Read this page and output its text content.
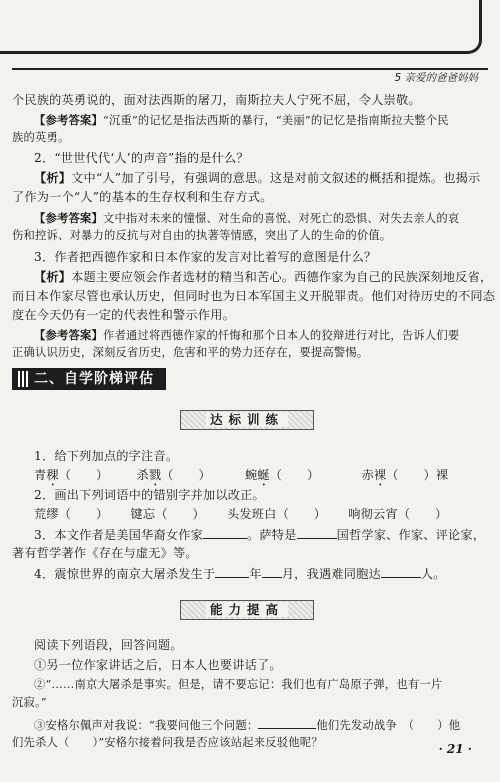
5 亲爱的爸爸妈妈
个民族的英勇说的，面对法西斯的屠刀，南斯拉夫人宁死不屈，令人崇敬。
【参考答案】“沉重”的记忆是指法西斯的暴行，“美丽”的记忆是指南斯拉夫整个民
族的英勇。
2．“世世代代‘人’的声音”指的是什么？
【析】文中“人”加了引号，有强调的意思。这是对前文叙述的概括和提炼。也揭示
了作为一个“人”的基本的生存权利和生存方式。
【参考答案】文中指对未来的憧憬、对生命的喜悦、对死亡的恐惧、对失去亲人的哀
伤和控诉、对暴力的反抗与对自由的执著等情感，突出了人的生命的价值。
3．作者把西德作家和日本作家的发言对比着写的意图是什么？
【析】本题主要应领会作者选材的精当和苦心。西德作家为自己的民族深刻地反省，
而日本作家尽管也承认历史，但同时也为日本军国主义开脱罪责。他们对待历史的不同态
度在今天仍有一定的代表性和警示作用。
【参考答案】作者通过将西德作家的忏悔和那个日本人的狡辩进行对比，告诉人们要
正确认识历史，深刻反省历史，危害和平的势力还存在，要提高警惕。
二、自学阶梯评估
达标训练
1．给下列加点的字注音。
青稞（　　） 杀戮（　　）	蜿蜒（　　）	赤裸（　　）裸
2．画出下列词语中的错别字并加以改正。
荒缪（　　） 键忘（　　） 头发班白（　　） 响彻云宵（　　）
3．本文作者是美国华裔女作家	。萨特是	国哲学家、作家、评论家，
著有哲学著作《存在与虚无》等。
4．震惊世界的南京大屠杀发生于	年 月，我遇难同胞达	人。
能力提高
阅读下列语段，回答问题。
①另一位作家讲话之后，日本人也要讲话了。
②“……南京大屠杀是事实。但是，请不要忘记：我们也有广岛原子弹，也有一片
沉寂。”
③安格尔佩声对我说：“我要问他三个问题：	他们先发动战争　（　　）他
们先杀人（　　）”安格尔接着问我是否应该站起来反驳他呢？	· 21 ·
